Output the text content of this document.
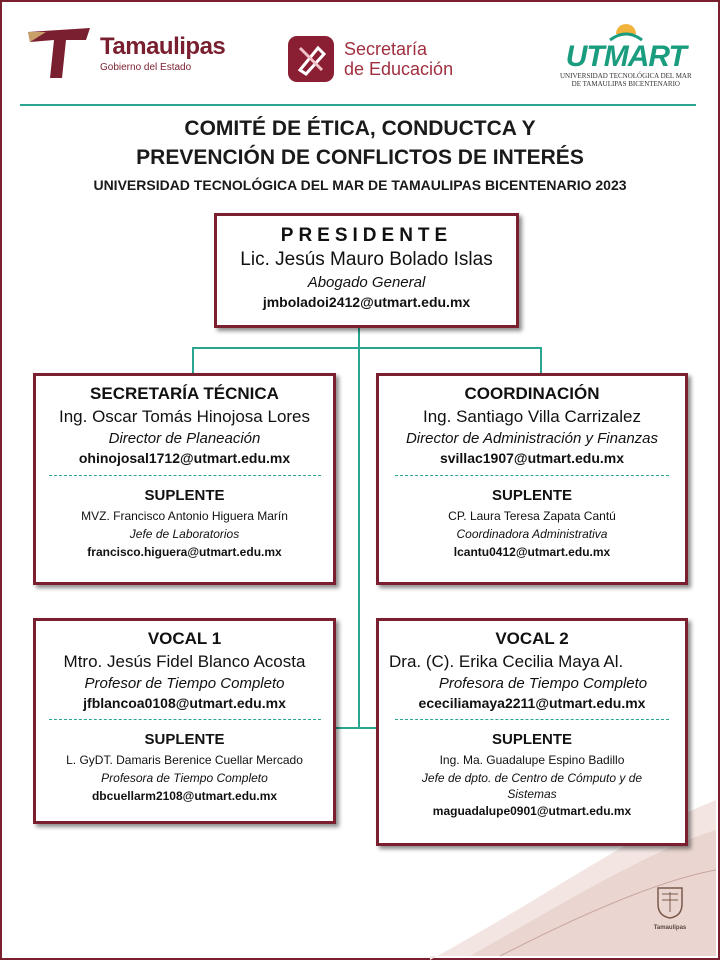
Tamaulipas
Gobierno del Estado
Secretaría
de Educación	UTMART
UNIVERSIDAD TECNOLÓGICA DEL MAR
DE TAMAULIPAS BICENTENARIO
COMITÉ DE ÉTICA, CONDUCTCA Y
PREVENCIÓN DE CONFLICTOS DE INTERÉS
UNIVERSIDAD TECNOLÓGICA DEL MAR DE TAMAULIPAS BICENTENARIO 2023
PRESIDENTE
Lic. Jesús Mauro Bolado Islas
Abogado General
jmboladoi2412@utmart.edu.mx
SECRETARÍA TÉCNICA
Ing. Oscar Tomás Hinojosa Lores
Director de Planeación
ohinojosal1712@utmart.edu.mx
SUPLENTE
MVZ. Francisco Antonio Higuera Marín
Jefe de Laboratorios
francisco.higuera@utmart.edu.mx
COORDINACIÓN
Ing. Santiago Villa Carrizalez
Director de Administración y Finanzas
svillac1907@utmart.edu.mx
SUPLENTE
CP. Laura Teresa Zapata Cantú
Coordinadora Administrativa
lcantu0412@utmart.edu.mx
VOCAL 1
Mtro. Jesús Fidel Blanco Acosta
Profesor de Tiempo Completo
jfblancoa0108@utmart.edu.mx
SUPLENTE
L. GyDT. Damaris Berenice Cuellar Mercado
Profesora de Tiempo Completo
dbcuellarm2108@utmart.edu.mx
VOCAL 2
Dra. (C). Erika Cecilia Maya Al.
Profesora de Tiempo Completo
ececiliamaya2211@utmart.edu.mx
SUPLENTE
Ing. Ma. Guadalupe Espino Badillo
Jefe de dpto. de Centro de Cómputo y de
Sistemas
maguadalupe0901@utmart.edu.mx
Tamaulipas
